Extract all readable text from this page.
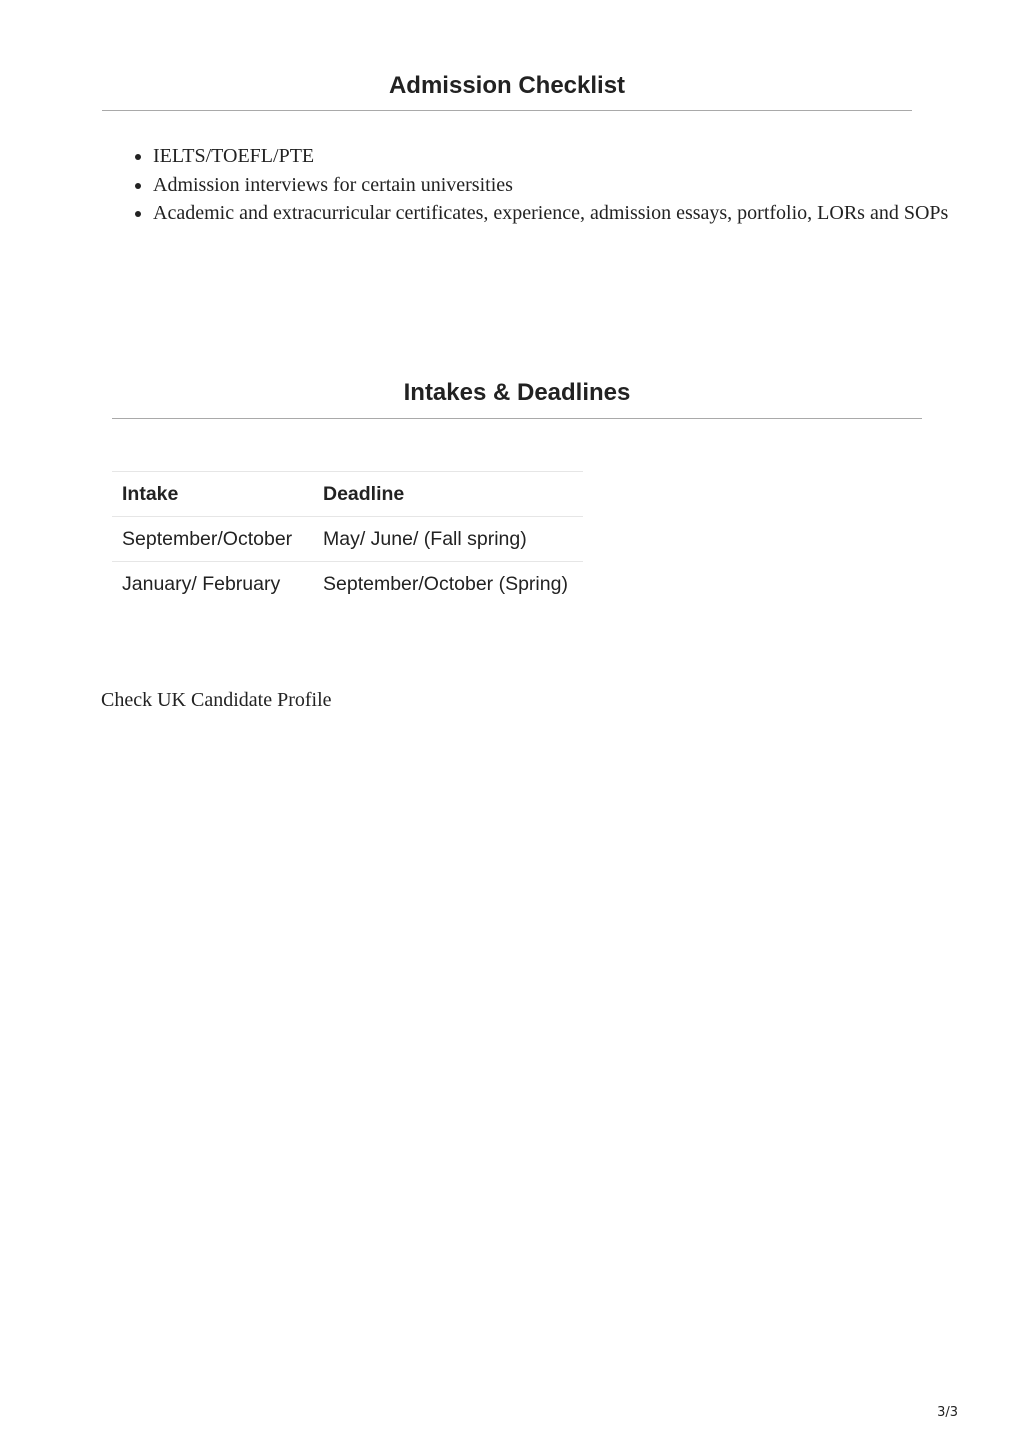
Admission Checklist
• IELTS/TOEFL/PTE
• Admission interviews for certain universities
• Academic and extracurricular certificates, experience, admission essays, portfolio, LORs and SOPs
Intakes & Deadlines
Intake	Deadline
September/October	May/ June/ (Fall spring)
January/ February	September/October (Spring)
Check UK Candidate Profile
3/3
